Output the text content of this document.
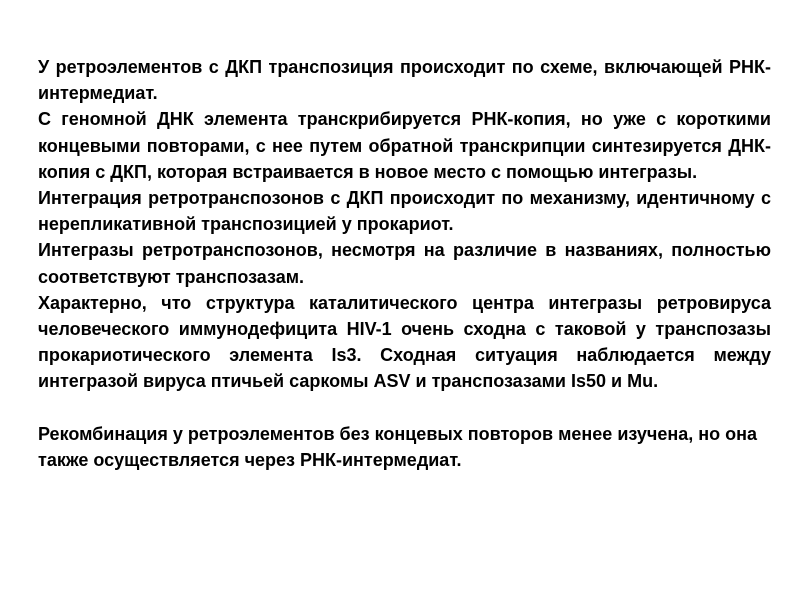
У ретроэлементов с ДКП транспозиция происходит по схеме, включающей РНК-интермедиат.

С геномной ДНК элемента транскрибируется РНК-копия, но уже с короткими концевыми повторами, с нее путем обратной транскрипции синтезируется ДНК-копия с ДКП, которая встраивается в новое место с помощью интегразы.

Интеграция ретротранспозонов с ДКП происходит по механизму, идентичному с нерепликативной транспозицией у прокариот.

Интегразы ретротранспозонов, несмотря на различие в названиях, полностью соответствуют транспозазам.

Характерно, что структура каталитического центра интегразы ретровируса человеческого иммунодефицита HIV-1 очень сходна с таковой у транспозазы прокариотического элемента Is3. Сходная ситуация наблюдается между интегразой вируса птичьей саркомы ASV и транспозазами Is50 и Mu.

Рекомбинация у ретроэлементов без концевых повторов менее изучена, но она также осуществляется через РНК-интермедиат.
